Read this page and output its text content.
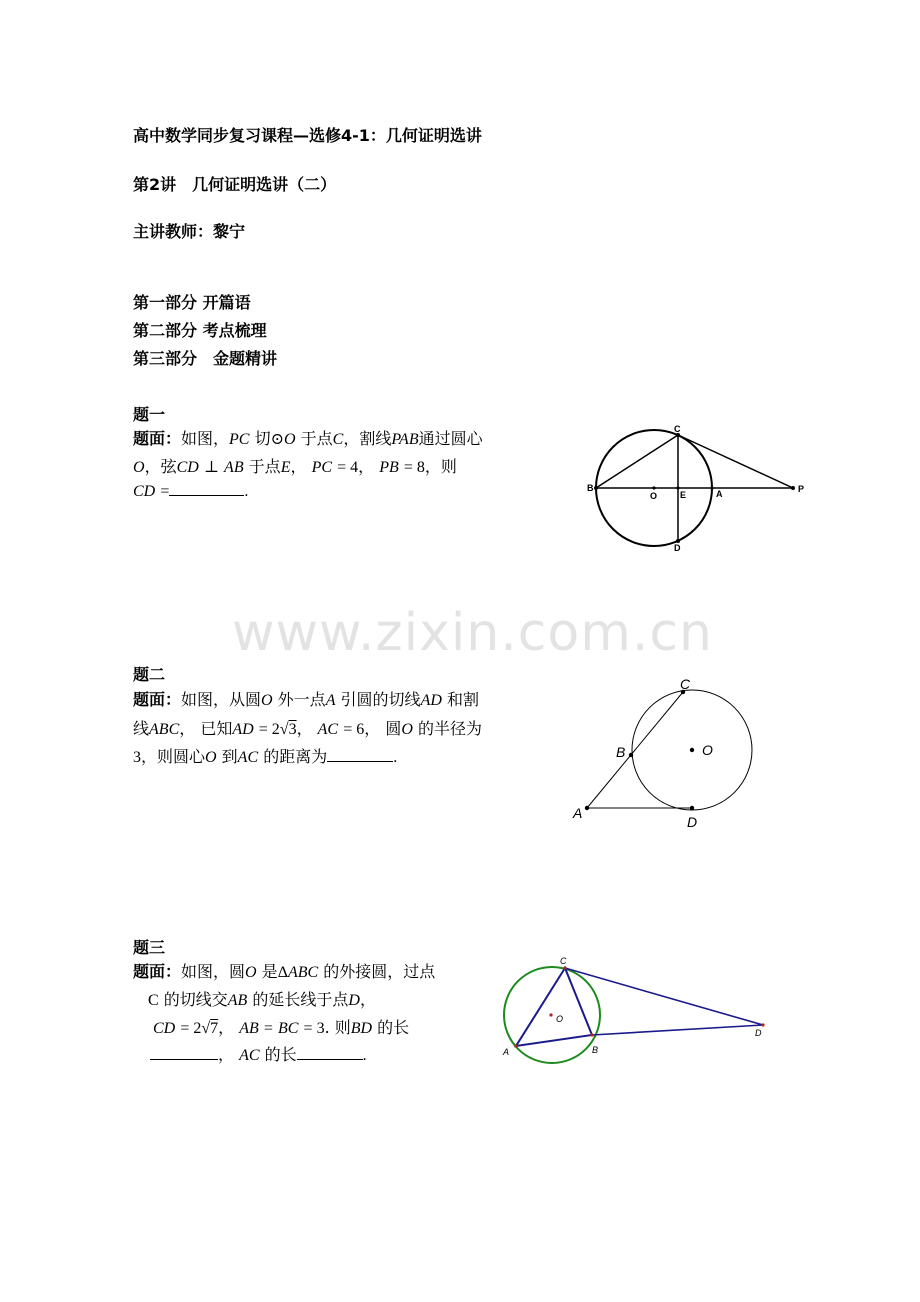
www.zixin.com.cn
高中数学同步复习课程—选修4-1：几何证明选讲
第2讲　几何证明选讲（二）
主讲教师：黎宁
第一部分 开篇语
第二部分 考点梳理
第三部分　金题精讲
题一
题面：如图，PC 切⊙O 于点C，割线PAB通过圆心
O，弦CD ⊥ AB 于点E， PC = 4， PB = 8，则
CD =	.
C
B
O	E	A	P
D
题二
题面：如图，从圆O 外一点A 引圆的切线AD 和割
线ABC， 已知AD = 2√3， AC = 6， 圆O 的半径为
3，则圆心O 到AC 的距离为	.
C
B	O
A
D
题三
题面：如图，圆O 是ΔABC 的外接圆，过点
C 的切线交AB 的延长线于点D，
CD = 2√7， AB = BC = 3. 则BD 的长
， AC 的长	.
C
O
A	B
D
